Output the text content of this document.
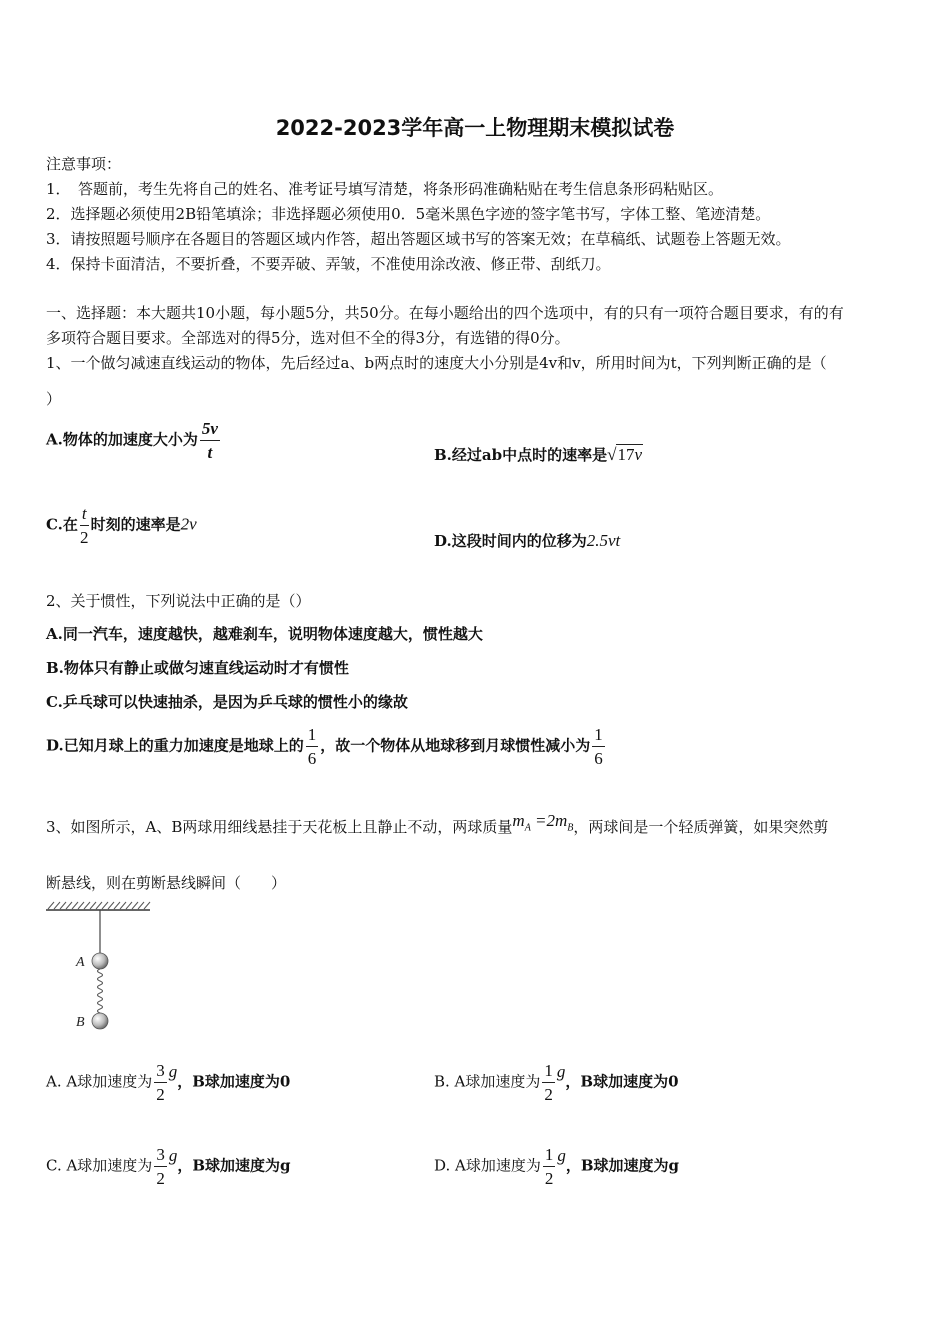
2022-2023学年高一上物理期末模拟试卷
注意事项：
1．　答题前，考生先将自己的姓名、准考证号填写清楚，将条形码准确粘贴在考生信息条形码粘贴区。
2．选择题必须使用2B铅笔填涂；非选择题必须使用0．5毫米黑色字迹的签字笔书写，字体工整、笔迹清楚。
3．请按照题号顺序在各题目的答题区域内作答，超出答题区域书写的答案无效；在草稿纸、试题卷上答题无效。
4．保持卡面清洁，不要折叠，不要弄破、弄皱，不准使用涂改液、修正带、刮纸刀。
一、选择题：本大题共10小题，每小题5分，共50分。在每小题给出的四个选项中，有的只有一项符合题目要求，有的有
多项符合题目要求。全部选对的得5分，选对但不全的得3分，有选错的得0分。
1、一个做匀减速直线运动的物体，先后经过a、b两点时的速度大小分别是4v和v，所用时间为t，下列判断正确的是（
）
A.物体的加速度大小为 $\frac{5v}{t}$	B.经过ab中点时的速率是√17v
C.在 $\frac{t}{2}$ 时刻的速率是2v
D.这段时间内的位移为2.5vt
2、关于惯性，下列说法中正确的是（）
A.同一汽车，速度越快，越难刹车，说明物体速度越大，惯性越大
B.物体只有静止或做匀速直线运动时才有惯性
C.乒乓球可以快速抽杀，是因为乒乓球的惯性小的缘故
D.已知月球上的重力加速度是地球上的 $\frac{1}{6}$ ，故一个物体从地球移到月球惯性减小为 $\frac{1}{6}$
3、如图所示，A、B两球用细线悬挂于天花板上且静止不动，两球质量$m_A =2m_B$，两球间是一个轻质弹簧，如果突然剪
断悬线，则在剪断悬线瞬间（　　）
A
B
A. A球加速度为 $\frac{3}{2}$ g，B球加速度为0	B. A球加速度为 $\frac{1}{2}$ g，B球加速度为0
C. A球加速度为 $\frac{3}{2}$ g，B球加速度为g	D. A球加速度为 $\frac{1}{2}$ g，B球加速度为g
